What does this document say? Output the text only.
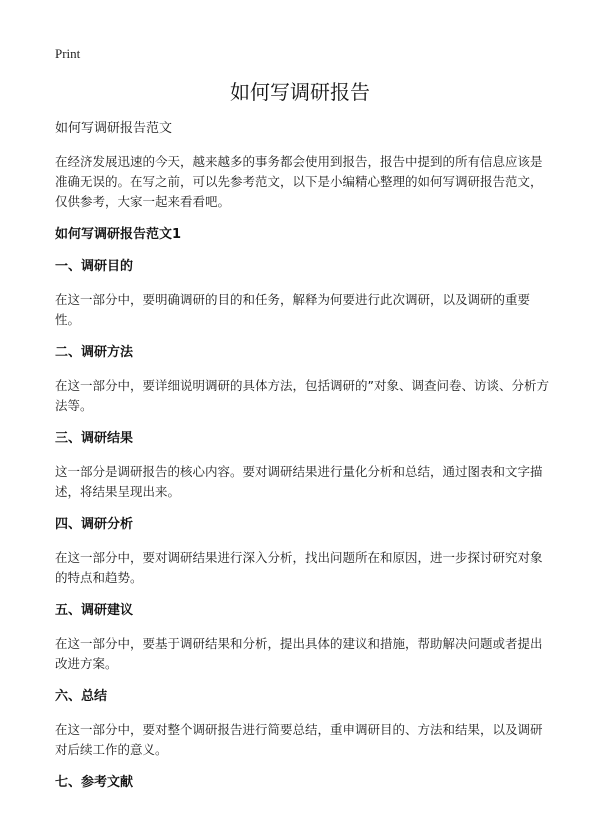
Print
如何写调研报告

如何写调研报告范文

在经济发展迅速的今天，越来越多的事务都会使用到报告，报告中提到的所有信息应该是准确无误的。在写之前，可以先参考范文，以下是小编精心整理的如何写调研报告范文，仅供参考，大家一起来看看吧。

如何写调研报告范文1

一、调研目的

在这一部分中，要明确调研的目的和任务，解释为何要进行此次调研，以及调研的重要性。

二、调研方法

在这一部分中，要详细说明调研的具体方法，包括调研的”对象、调查问卷、访谈、分析方法等。

三、调研结果

这一部分是调研报告的核心内容。要对调研结果进行量化分析和总结，通过图表和文字描述，将结果呈现出来。

四、调研分析

在这一部分中，要对调研结果进行深入分析，找出问题所在和原因，进一步探讨研究对象的特点和趋势。

五、调研建议

在这一部分中，要基于调研结果和分析，提出具体的建议和措施，帮助解决问题或者提出改进方案。

六、总结

在这一部分中，要对整个调研报告进行简要总结，重申调研目的、方法和结果，以及调研对后续工作的意义。

七、参考文献
